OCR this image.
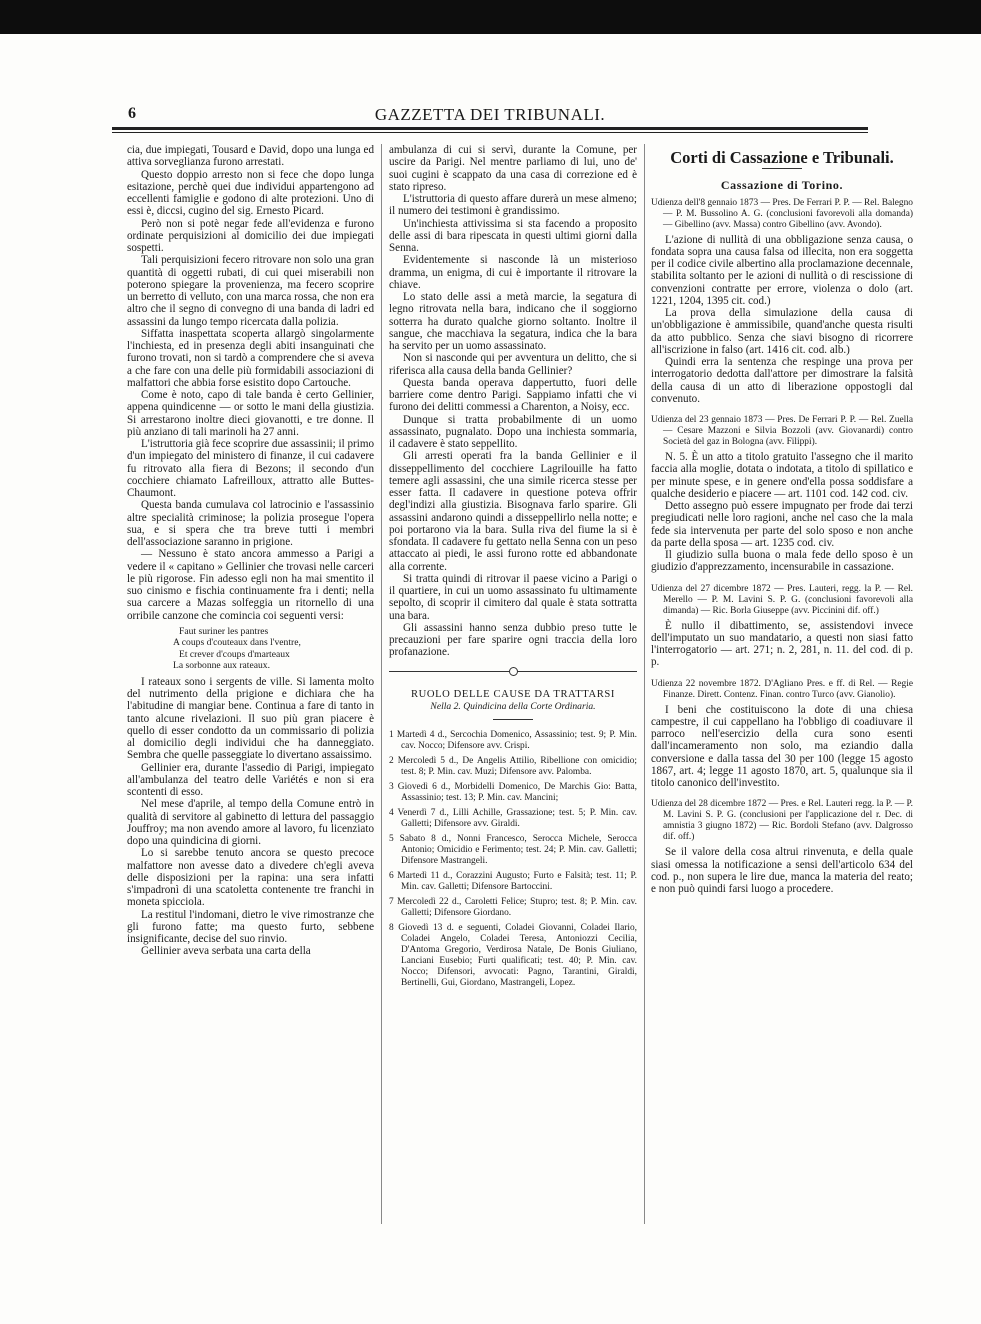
6	GAZZETTA DEI TRIBUNALI.

cia, due impiegati, Tousard e David, dopo una lunga ed attiva sorveglianza furono arrestati.

Questo doppio arresto non si fece che dopo lunga esitazione, perchè quei due individui appartengono ad eccellenti famiglie e godono di alte protezioni. Uno di essi è, diccsi, cugino del sig. Ernesto Picard.

Però non si potè negar fede all'evidenza e furono ordinate perquisizioni al domicilio dei due impiegati sospetti.

Tali perquisizioni fecero ritrovare non solo una gran quantità di oggetti rubati, di cui quei miserabili non poterono spiegare la provenienza, ma fecero scoprire un berretto di velluto, con una marca rossa, che non era altro che il segno di convegno di una banda di ladri ed assassini da lungo tempo ricercata dalla polizia.

Siffatta inaspettata scoperta allargò singolarmente l'inchiesta, ed in presenza degli abiti insanguinati che furono trovati, non si tardò a comprendere che si aveva a che fare con una delle più formidabili associazioni di malfattori che abbia forse esistito dopo Cartouche.

Come è noto, capo di tale banda è certo Gellinier, appena quindicenne — or sotto le mani della giustizia. Si arrestarono inoltre dieci giovanotti, e tre donne. Il più anziano di tali marinoli ha 27 anni.

L'istruttoria già fece scoprire due assassinii; il primo d'un impiegato del ministero di finanze, il cui cadavere fu ritrovato alla fiera di Bezons; il secondo d'un cocchiere chiamato Lafreilloux, attratto alle Buttes-Chaumont.

Questa banda cumulava col latrocinio e l'assassinio altre specialità criminose; la polizia prosegue l'opera sua, e si spera che tra breve tutti i membri dell'associazione saranno in prigione.

— Nessuno è stato ancora ammesso a Parigi a vedere il « capitano » Gellinier che trovasi nelle carceri le più rigorose. Fin adesso egli non ha mai smentito il suo cinismo e fischia continuamente fra i denti; nella sua carcere a Mazas solfeggia un ritornello di una orribile canzone che comincia coi seguenti versi:

Faut suriner les pantres
A coups d'couteaux dans l'ventre,
Et crever d'coups d'marteaux
La sorbonne aux rateaux.

I rateaux sono i sergents de ville. Si lamenta molto del nutrimento della prigione e dichiara che ha l'abitudine di mangiar bene. Continua a fare di tanto in tanto alcune rivelazioni. Il suo più gran piacere è quello di esser condotto da un commissario di polizia al domicilio degli individui che ha danneggiato. Sembra che quelle passeggiate lo divertano assaissimo.

Gellinier era, durante l'assedio di Parigi, impiegato all'ambulanza del teatro delle Variétés e non si era scontenti di esso.

Nel mese d'aprile, al tempo della Comune entrò in qualità di servitore al gabinetto di lettura del passaggio Jouffroy; ma non avendo amore al lavoro, fu licenziato dopo una quindicina di giorni.

Lo si sarebbe tenuto ancora se questo precoce malfattore non avesse dato a divedere ch'egli aveva delle disposizioni per la rapina: una sera infatti s'impadronì di una scatoletta contenente tre franchi in moneta spicciola.

La restitul l'indomani, dietro le vive rimostranze che gli furono fatte; ma questo furto, sebbene insignificante, decise del suo rinvio.

Gellinier aveva serbata una carta della

ambulanza di cui si servì, durante la Comune, per uscire da Parigi. Nel mentre parliamo di lui, uno de' suoi cugini è scappato da una casa di correzione ed è stato ripreso.

L'istruttoria di questo affare durerà un mese almeno; il numero dei testimoni è grandissimo.

Un'inchiesta attivissima si sta facendo a proposito delle assi di bara ripescata in questi ultimi giorni dalla Senna.

Evidentemente si nasconde là un misterioso dramma, un enigma, di cui è importante il ritrovare la chiave.

Lo stato delle assi a metà marcie, la segatura di legno ritrovata nella bara, indicano che il soggiorno sotterra ha durato qualche giorno soltanto. Inoltre il sangue, che macchiava la segatura, indica che la bara ha servito per un uomo assassinato.

Non si nasconde qui per avventura un delitto, che si riferisca alla causa della banda Gellinier?

Questa banda operava dappertutto, fuori delle barriere come dentro Parigi. Sappiamo infatti che vi furono dei delitti commessi a Charenton, a Noisy, ecc.

Dunque si tratta probabilmente di un uomo assassinato, pugnalato. Dopo una inchiesta sommaria, il cadavere è stato seppellito.

Gli arresti operati fra la banda Gellinier e il disseppellimento del cocchiere Lagrilouille ha fatto temere agli assassini, che una simile ricerca stesse per esser fatta. Il cadavere in questione poteva offrir degl'indizi alla giustizia. Bisognava farlo sparire. Gli assassini andarono quindi a disseppellirlo nella notte; e poi portarono via la bara. Sulla riva del fiume la si è sfondata. Il cadavere fu gettato nella Senna con un peso attaccato ai piedi, le assi furono rotte ed abbandonate alla corrente.

Si tratta quindi di ritrovar il paese vicino a Parigi o il quartiere, in cui un uomo assassinato fu ultimamente sepolto, di scoprir il cimitero dal quale è stata sottratta una bara.

Gli assassini hanno senza dubbio preso tutte le precauzioni per fare sparire ogni traccia della loro profanazione.

RUOLO DELLE CAUSE DA TRATTARSI

Nella 2. Quindicina della Corte Ordinaria.

1 Martedì 4 d., Sercochia Domenico, Assassinio; test. 9; P. Min. cav. Nocco; Difensore avv. Crispi.
2 Mercoledì 5 d., De Angelis Attilio, Ribellione con omicidio; test. 8; P. Min. cav. Muzi; Difensore avv. Palomba.
3 Giovedì 6 d., Morbidelli Domenico, De Marchis Gio: Batta, Assassinio; test. 13; P. Min. cav. Mancini;
4 Venerdì 7 d., Lilli Achille, Grassazione; test. 5; P. Min. cav. Galletti; Difensore avv. Giraldi.
5 Sabato 8 d., Nonni Francesco, Serocca Michele, Serocca Antonio; Omicidio e Ferimento; test. 24; P. Min. cav. Galletti; Difensore Mastrangeli.
6 Martedì 11 d., Corazzini Augusto; Furto e Falsità; test. 11; P. Min. cav. Galletti; Difensore Bartoccini.
7 Mercoledì 22 d., Caroletti Felice; Stupro; test. 8; P. Min. cav. Galletti; Difensore Giordano.
8 Giovedì 13 d. e seguenti, Coladei Giovanni, Coladei Ilario, Coladei Angelo, Coladei Teresa, Antoniozzi Cecilia, D'Antoma Gregorio, Verdirosa Natale, De Bonis Giuliano, Lanciani Eusebio; Furti qualificati; test. 40; P. Min. cav. Nocco; Difensori, avvocati: Pagno, Tarantini, Giraldi, Bertinelli, Gui, Giordano, Mastrangeli, Lopez.
Corti di Cassazione e Tribunali.
Cassazione di Torino.

Udienza dell'8 gennaio 1873 — Pres. De Ferrari P. P. — Rel. Balegno — P. M. Bussolino A. G. (conclusioni favorevoli alla domanda) — Gibellino (avv. Massa) contro Gibellino (avv. Avondo).

L'azione di nullità di una obbligazione senza causa, o fondata sopra una causa falsa od illecita, non era soggetta per il codice civile albertino alla proclamazione decennale, stabilita soltanto per le azioni di nullità o di rescissione di convenzioni contratte per errore, violenza o dolo (art. 1221, 1204, 1395 cit. cod.)

La prova della simulazione della causa di un'obbligazione è ammissibile, quand'anche questa risulti da atto pubblico. Senza che siavi bisogno di ricorrere all'iscrizione in falso (art. 1416 cit. cod. alb.)

Quindi erra la sentenza che respinge una prova per interrogatorio dedotta dall'attore per dimostrare la falsità della causa di un atto di liberazione oppostogli dal convenuto.

Udienza del 23 gennaio 1873 — Pres. De Ferrari P. P. — Rel. Zuella — Cesare Mazzoni e Silvia Bozzoli (avv. Giovanardi) contro Società del gaz in Bologna (avv. Filippi).

N. 5. È un atto a titolo gratuito l'assegno che il marito faccia alla moglie, dotata o indotata, a titolo di spillatico e per minute spese, e in genere ond'ella possa soddisfare a qualche desiderio e piacere — art. 1101 cod. 142 cod. civ.

Detto assegno può essere impugnato per frode dai terzi pregiudicati nelle loro ragioni, anche nel caso che la mala fede sia intervenuta per parte del solo sposo e non anche da parte della sposa — art. 1235 cod. civ.

Il giudizio sulla buona o mala fede dello sposo è un giudizio d'apprezzamento, incensurabile in cassazione.

Udienza del 27 dicembre 1872 — Pres. Lauteri, regg. la P. — Rel. Merello — P. M. Lavini S. P. G. (conclusioni favorevoli alla dimanda) — Ric. Borla Giuseppe (avv. Piccinini dif. off.)

È nullo il dibattimento, se, assistendovi invece dell'imputato un suo mandatario, a questi non siasi fatto l'interrogatorio — art. 271; n. 2, 281, n. 11. del cod. di p. p.

Udienza 22 novembre 1872. D'Agliano Pres. e ff. di Rel. — Regie Finanze. Dirett. Contenz. Finan. contro Turco (avv. Gianolio).

I beni che costituiscono la dote di una chiesa campestre, il cui cappellano ha l'obbligo di coadiuvare il parroco nell'esercizio della cura sono esenti dall'incameramento non solo, ma eziandio dalla conversione e dalla tassa del 30 per 100 (legge 15 agosto 1867, art. 4; legge 11 agosto 1870, art. 5, qualunque sia il titolo canonico dell'investito.

Udienza del 28 dicembre 1872 — Pres. e Rel. Lauteri regg. la P. — P. M. Lavini S. P. G. (conclusioni per l'applicazione del r. Dec. di amnistia 3 giugno 1872) — Ric. Bordoli Stefano (avv. Dalgrosso dif. off.)

Se il valore della cosa altrui rinvenuta, e della quale siasi omessa la notificazione a sensi dell'articolo 634 del cod. p., non supera le lire due, manca la materia del reato; e non può quindi farsi luogo a procedere.
